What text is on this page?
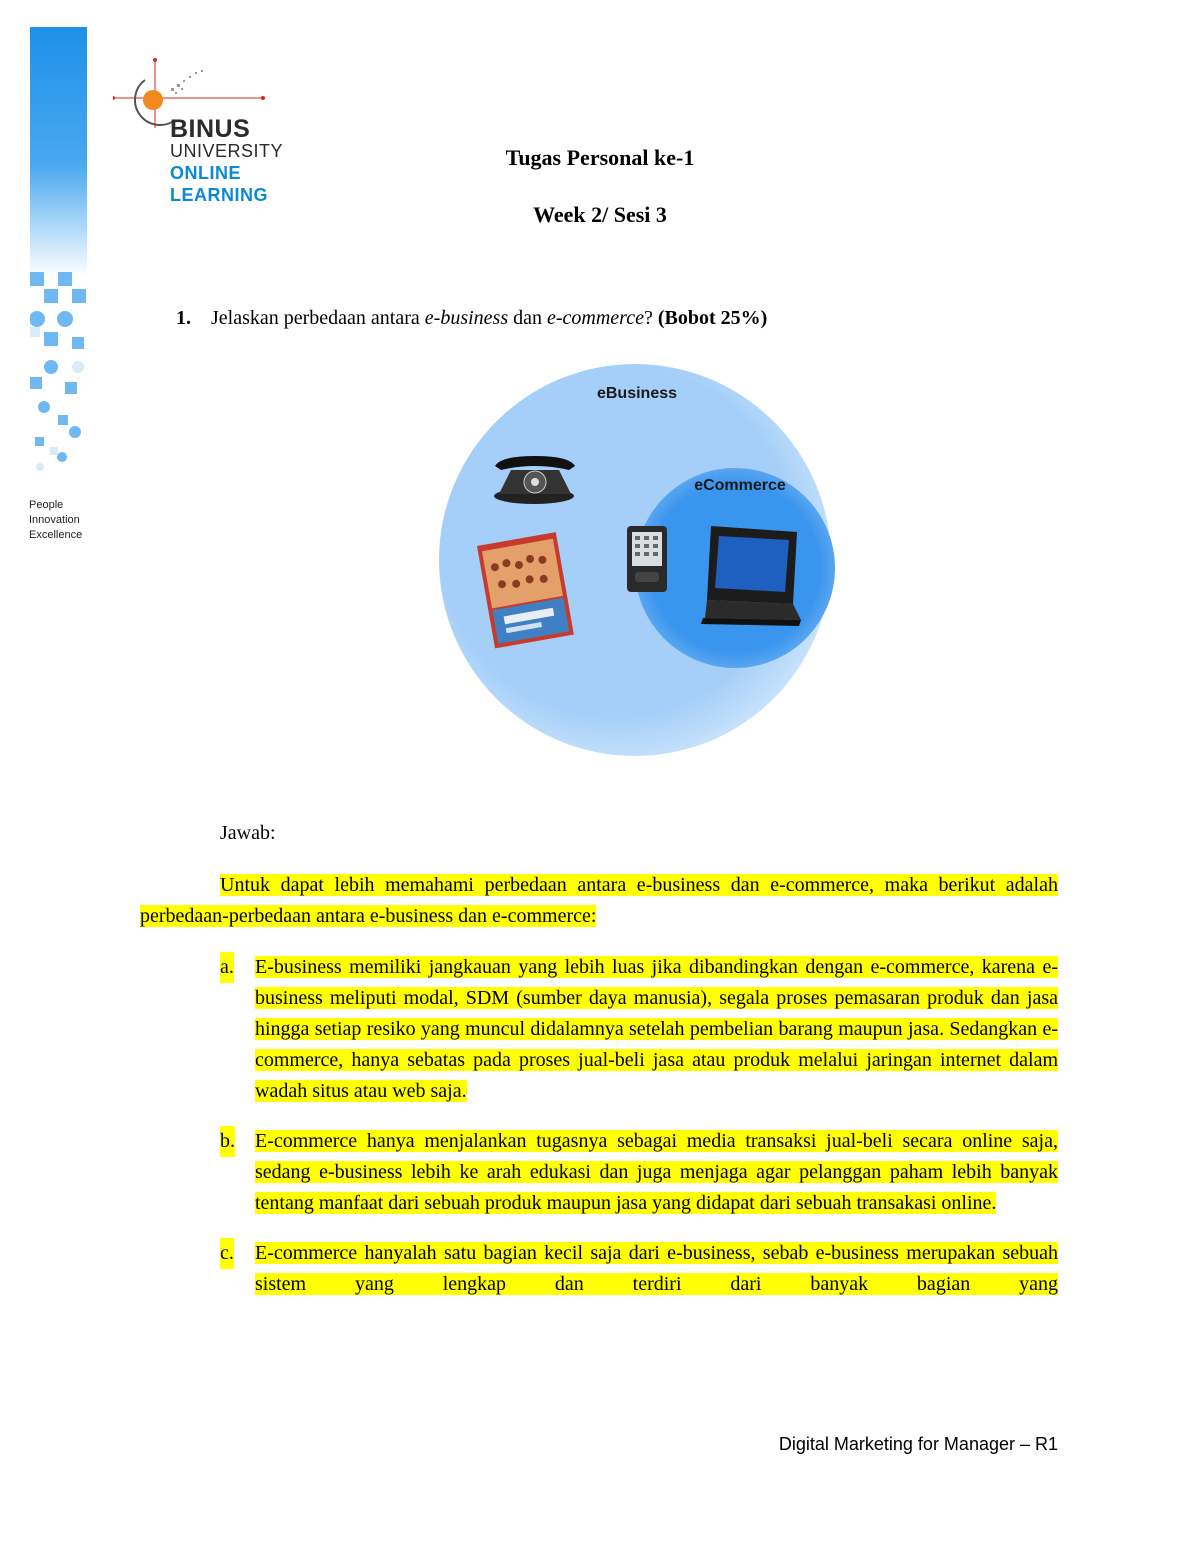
People
Innovation
Excellence
BINUS
UNIVERSITY
ONLINE
LEARNING
Tugas Personal ke-1
Week 2/ Sesi 3
1. Jelaskan perbedaan antara e-business dan e-commerce? (Bobot 25%)
eBusiness
eCommerce
Jawab:

Untuk dapat lebih memahami perbedaan antara e-business dan e-commerce, maka berikut adalah perbedaan-perbedaan antara e-business dan e-commerce:

a. E-business memiliki jangkauan yang lebih luas jika dibandingkan dengan e-commerce, karena e-business meliputi modal, SDM (sumber daya manusia), segala proses pemasaran produk dan jasa hingga setiap resiko yang muncul didalamnya setelah pembelian barang maupun jasa. Sedangkan e-commerce, hanya sebatas pada proses jual-beli jasa atau produk melalui jaringan internet dalam wadah situs atau web saja.
b. E-commerce hanya menjalankan tugasnya sebagai media transaksi jual-beli secara online saja, sedang e-business lebih ke arah edukasi dan juga menjaga agar pelanggan paham lebih banyak tentang manfaat dari sebuah produk maupun jasa yang didapat dari sebuah transakasi online.
c. E-commerce hanyalah satu bagian kecil saja dari e-business, sebab e-business merupakan sebuah sistem yang lengkap dan terdiri dari banyak bagian yang
Digital Marketing for Manager – R1
